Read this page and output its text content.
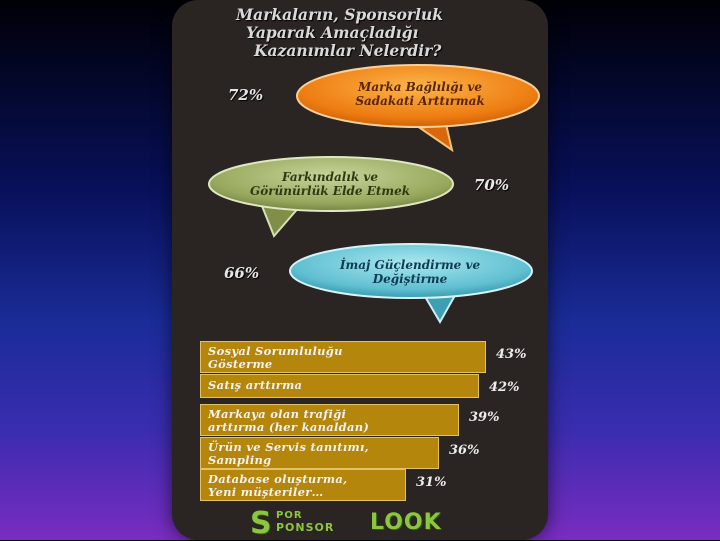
Markaların, Sponsorluk
Yaparak Amaçladığı
Kazanımlar Nelerdir?
Marka Bağlılığı ve
Sadakati Arttırmak
72%
Farkındalık ve
Görünürlük Elde Etmek	70%
İmaj Güçlendirme ve
Değiştirme
66%
Sosyal Sorumluluğu
Gösterme
43%
Satış arttırma	42%
Markaya olan trafiği
arttırma (her kanaldan)
39%
Ürün ve Servis tanıtımı,
Sampling
36%
Database oluşturma,
Yeni müşteriler…
31%
S POR
PONSOR LOOK
